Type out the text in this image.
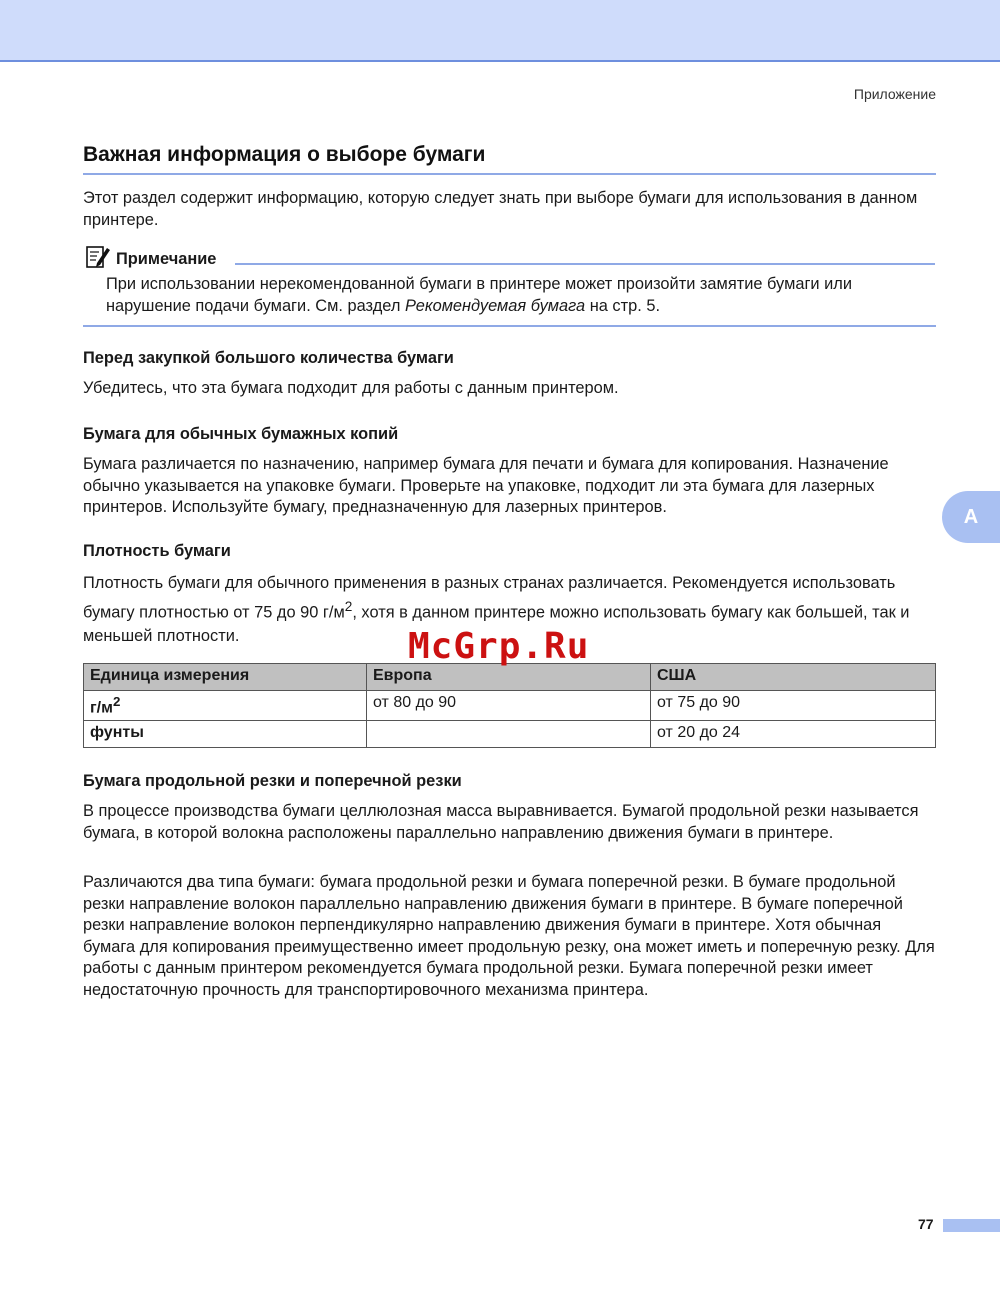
Приложение
Важная информация о выборе бумаги

Этот раздел содержит информацию, которую следует знать при выборе бумаги для использования в данном принтере.

Примечание

При использовании нерекомендованной бумаги в принтере может произойти замятие бумаги или нарушение подачи бумаги. См. раздел Рекомендуемая бумага на стр. 5.

Перед закупкой большого количества бумаги

Убедитесь, что эта бумага подходит для работы с данным принтером.

Бумага для обычных бумажных копий

Бумага различается по назначению, например бумага для печати и бумага для копирования. Назначение обычно указывается на упаковке бумаги. Проверьте на упаковке, подходит ли эта бумага для лазерных принтеров. Используйте бумагу, предназначенную для лазерных принтеров.

Плотность бумаги

Плотность бумаги для обычного применения в разных странах различается. Рекомендуется использовать бумагу плотностью от 75 до 90 $г/м^2$, хотя в данном принтере можно использовать бумагу как большей, так и меньшей плотности.

Единица измерения	Европа	США
$г/м^2$	от 80 до 90	от 75 до 90
фунты		от 20 до 24
Бумага продольной резки и поперечной резки

В процессе производства бумаги целлюлозная масса выравнивается. Бумагой продольной резки называется бумага, в которой волокна расположены параллельно направлению движения бумаги в принтере.

Различаются два типа бумаги: бумага продольной резки и бумага поперечной резки. В бумаге продольной резки направление волокон параллельно направлению движения бумаги в принтере. В бумаге поперечной резки направление волокон перпендикулярно направлению движения бумаги в принтере. Хотя обычная бумага для копирования преимущественно имеет продольную резку, она может иметь и поперечную резку. Для работы с данным принтером рекомендуется бумага продольной резки. Бумага поперечной резки имеет недостаточную прочность для транспортировочного механизма принтера.

McGrp.Ru
A
77
